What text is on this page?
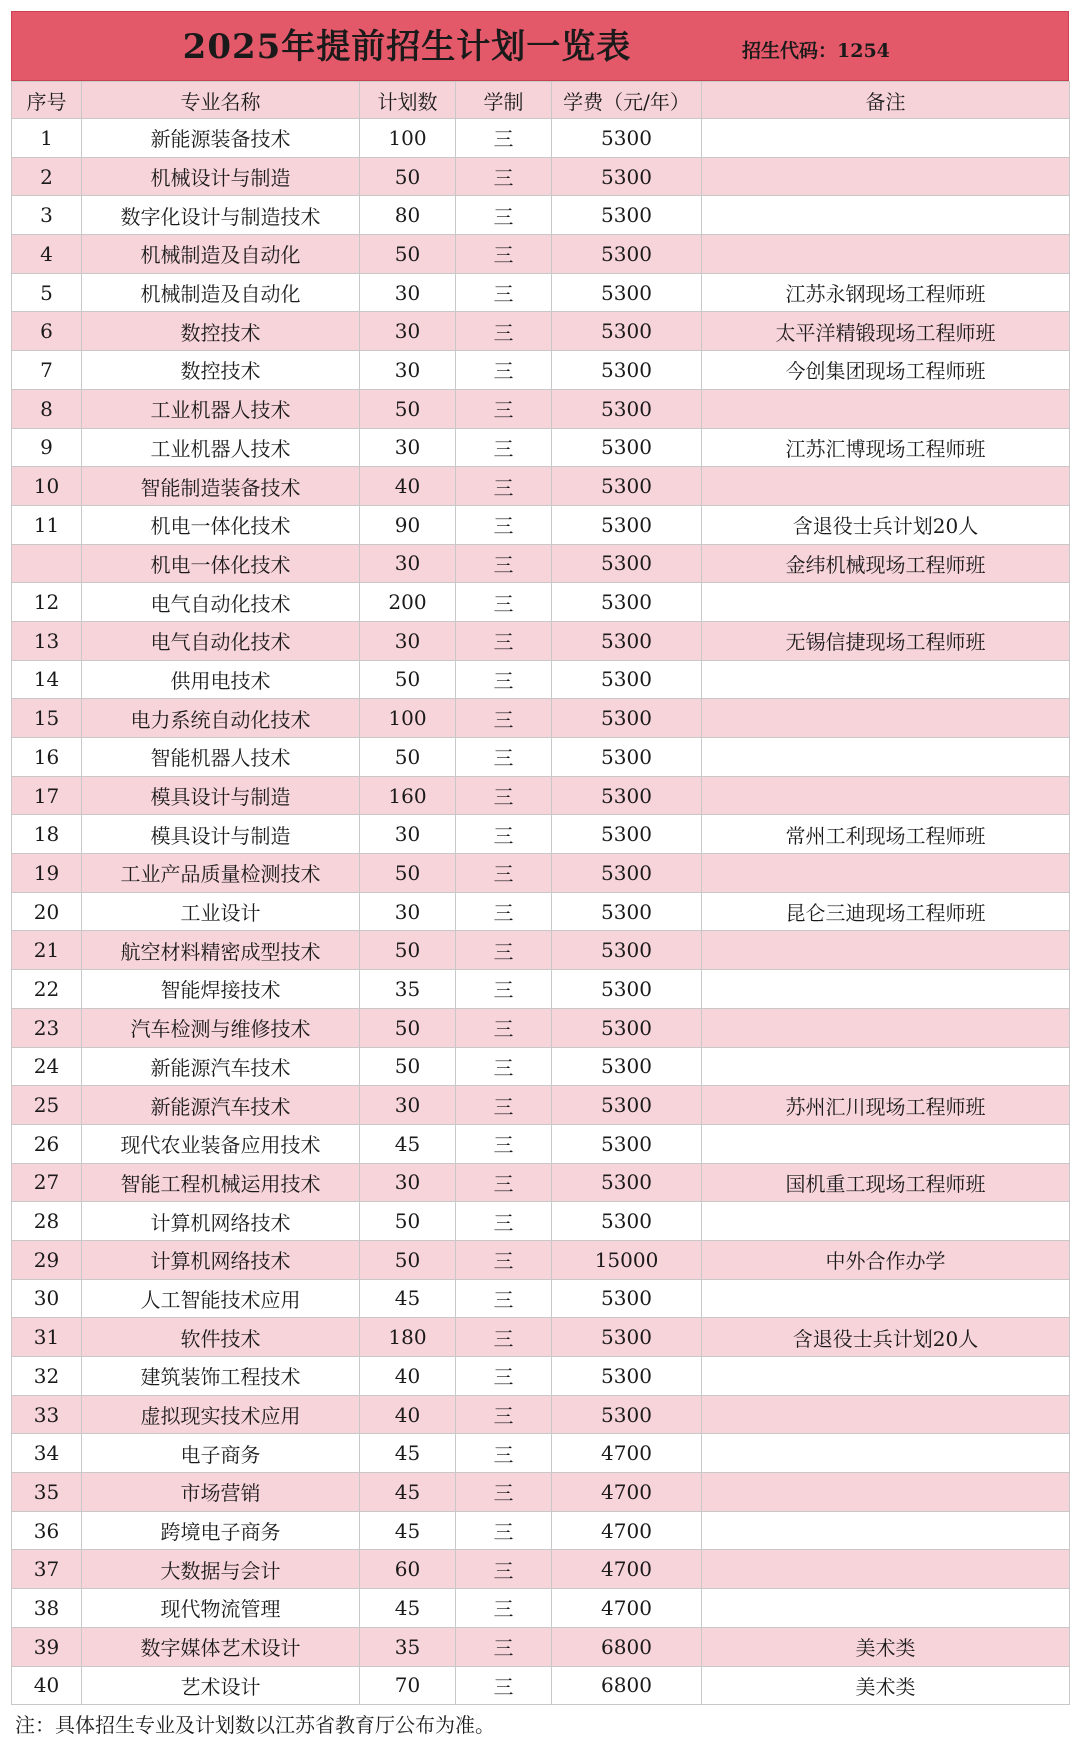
2025年提前招生计划一览表	招生代码：1254
序号	专业名称	计划数	学制	学费（元/年）	备注
1	新能源装备技术	100	三	5300	
2	机械设计与制造	50	三	5300	
3	数字化设计与制造技术	80	三	5300	
4	机械制造及自动化	50	三	5300	
5	机械制造及自动化	30	三	5300	江苏永钢现场工程师班
6	数控技术	30	三	5300	太平洋精锻现场工程师班
7	数控技术	30	三	5300	今创集团现场工程师班
8	工业机器人技术	50	三	5300	
9	工业机器人技术	30	三	5300	江苏汇博现场工程师班
10	智能制造装备技术	40	三	5300	
11	机电一体化技术	90	三	5300	含退役士兵计划20人
	机电一体化技术	30	三	5300	金纬机械现场工程师班
12	电气自动化技术	200	三	5300	
13	电气自动化技术	30	三	5300	无锡信捷现场工程师班
14	供用电技术	50	三	5300	
15	电力系统自动化技术	100	三	5300	
16	智能机器人技术	50	三	5300	
17	模具设计与制造	160	三	5300	
18	模具设计与制造	30	三	5300	常州工利现场工程师班
19	工业产品质量检测技术	50	三	5300	
20	工业设计	30	三	5300	昆仑三迪现场工程师班
21	航空材料精密成型技术	50	三	5300	
22	智能焊接技术	35	三	5300	
23	汽车检测与维修技术	50	三	5300	
24	新能源汽车技术	50	三	5300	
25	新能源汽车技术	30	三	5300	苏州汇川现场工程师班
26	现代农业装备应用技术	45	三	5300	
27	智能工程机械运用技术	30	三	5300	国机重工现场工程师班
28	计算机网络技术	50	三	5300	
29	计算机网络技术	50	三	15000	中外合作办学
30	人工智能技术应用	45	三	5300	
31	软件技术	180	三	5300	含退役士兵计划20人
32	建筑装饰工程技术	40	三	5300	
33	虚拟现实技术应用	40	三	5300	
34	电子商务	45	三	4700	
35	市场营销	45	三	4700	
36	跨境电子商务	45	三	4700	
37	大数据与会计	60	三	4700	
38	现代物流管理	45	三	4700	
39	数字媒体艺术设计	35	三	6800	美术类
40	艺术设计	70	三	6800	美术类
注：具体招生专业及计划数以江苏省教育厅公布为准。
